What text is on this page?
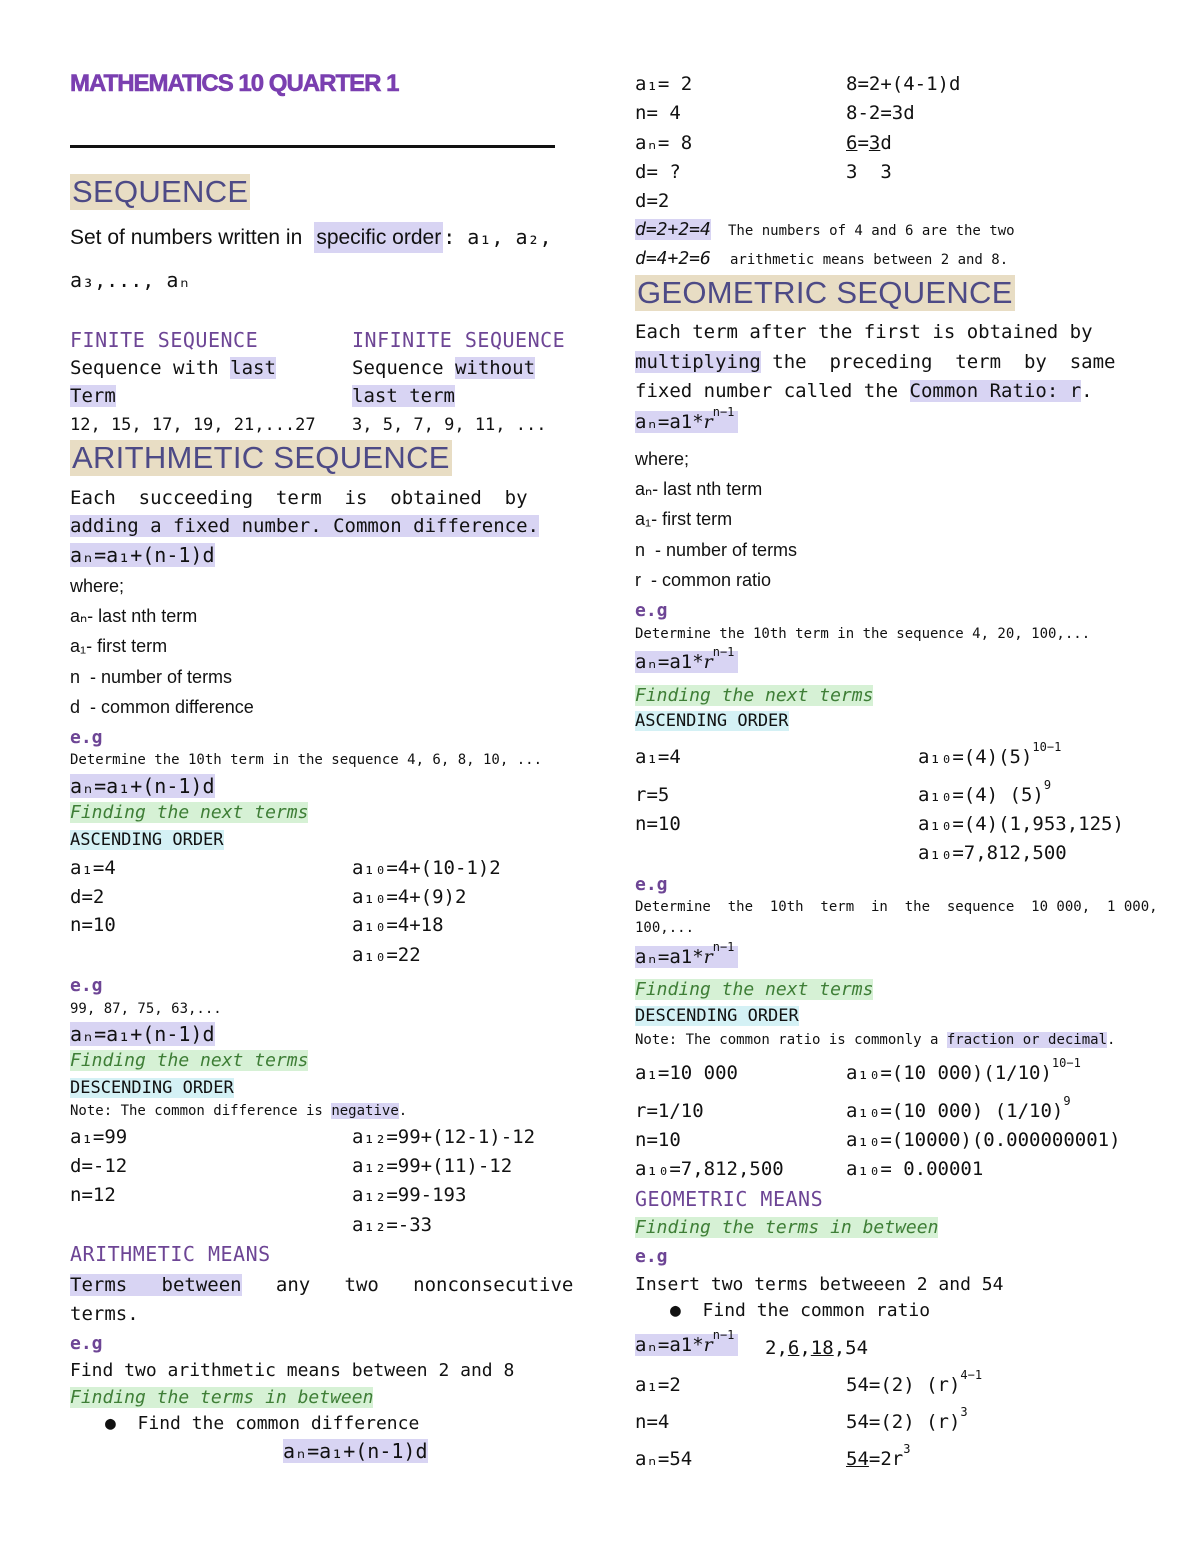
MATHEMATICS 10 QUARTER 1
SEQUENCE
Set of numbers written in specific order : a₁, a₂,
a₃,..., aₙ
FINITE SEQUENCE
Sequence with last
Term
12, 15, 17, 19, 21,...27
INFINITE SEQUENCE
Sequence without
last term
3, 5, 7, 9, 11, ...
ARITHMETIC SEQUENCE
Each  succeeding  term  is  obtained  by
adding a fixed number. Common difference.
aₙ=a₁+(n-1)d
where;
aₙ- last nth term
a₁- first term
n  - number of terms
d  - common difference
e.g
Determine the 10th term in the sequence 4, 6, 8, 10, ...
aₙ=a₁+(n-1)d
Finding the next terms
ASCENDING ORDER
a₁=4
d=2
n=10
a₁₀=4+(10-1)2
a₁₀=4+(9)2
a₁₀=4+18
a₁₀=22
e.g
99, 87, 75, 63,...
aₙ=a₁+(n-1)d
Finding the next terms
DESCENDING ORDER
Note: The common difference is negative.
a₁=99
d=-12
n=12
a₁₂=99+(12-1)-12
a₁₂=99+(11)-12
a₁₂=99-193
a₁₂=-33
ARITHMETIC MEANS
Terms   between   any   two   nonconsecutive
terms.
e.g
Find two arithmetic means between 2 and 8
Finding the terms in between
● Find the common difference
aₙ=a₁+(n-1)d
a₁= 2
n= 4
aₙ= 8
d= ?
d=2
8=2+(4-1)d
8-2=3d
6=3d
3  3
d=2+2=4 The numbers of 4 and 6 are the two
d=4+2=6 arithmetic means between 2 and 8.
GEOMETRIC SEQUENCE
Each term after the first is obtained by
multiplying the  preceding  term  by  same
fixed number called the Common Ratio: r.
$a_n=a1*r^{n-1}$
where;
aₙ- last nth term
a₁- first term
n  - number of terms
r  - common ratio
e.g
Determine the 10th term in the sequence 4, 20, 100,...
$a_n=a1*r^{n-1}$
Finding the next terms
ASCENDING ORDER
a₁=4
r=5
n=10
$a_{10}=(4)(5)^{10-1}$
a₁₀=(4) $(5)^9$
a₁₀=(4)(1,953,125)
a₁₀=7,812,500
e.g
Determine  the  10th  term  in  the  sequence  10 000,  1 000,
100,...
$a_n=a1*r^{n-1}$
Finding the next terms
DESCENDING ORDER
Note: The common ratio is commonly a fraction or decimal.
a₁=10 000
r=1/10
n=10
a₁₀=7,812,500
a₁₀=(10 $000)(1/10)^{10-1}$
a₁₀=(10 000) $(1/10)^9$
a₁₀=(10000)(0.000000001)
a₁₀= 0.00001
GEOMETRIC MEANS
Finding the terms in between
e.g
Insert two terms betweeen 2 and 54
● Find the common ratio
$a_n=a1*r^{n-1}$
2,6,18,54
a₁=2
n=4
aₙ=54
54=(2) $(r)^{4-1}$
54=(2) $(r)^3$
$54=2r^3$
